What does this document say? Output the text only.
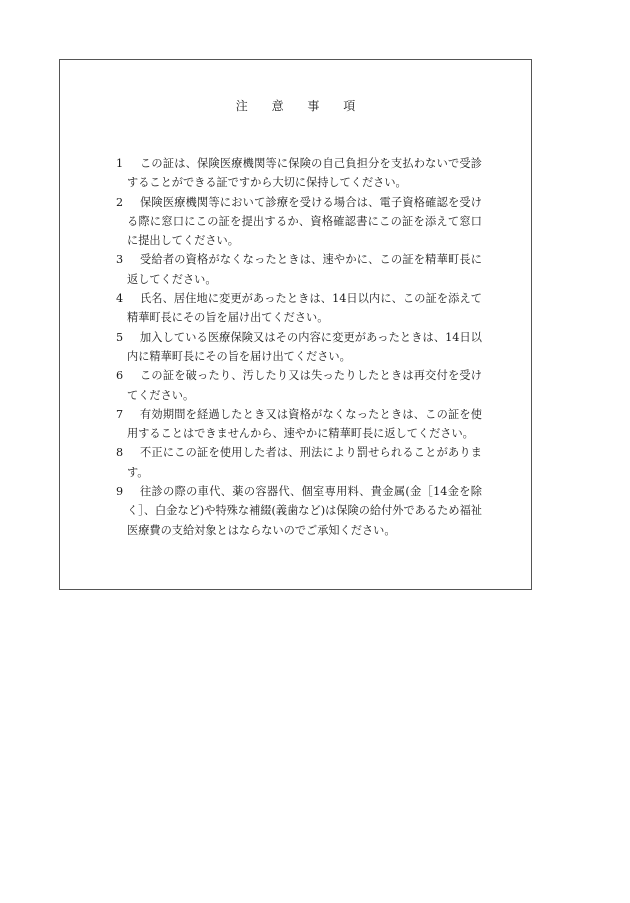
注 意 事 項
1	この証は、保険医療機関等に保険の自己負担分を支払わないで受診することができる証ですから大切に保持してください。
2	保険医療機関等において診療を受ける場合は、電子資格確認を受ける際に窓口にこの証を提出するか、資格確認書にこの証を添えて窓口に提出してください。
3	受給者の資格がなくなったときは、速やかに、この証を精華町長に返してください。
4	氏名、居住地に変更があったときは、14日以内に、この証を添えて精華町長にその旨を届け出てください。
5	加入している医療保険又はその内容に変更があったときは、14日以内に精華町長にその旨を届け出てください。
6	この証を破ったり、汚したり又は失ったりしたときは再交付を受けてください。
7	有効期間を経過したとき又は資格がなくなったときは、この証を使用することはできませんから、速やかに精華町長に返してください。
8	不正にこの証を使用した者は、刑法により罰せられることがあります。
9	往診の際の車代、薬の容器代、個室専用料、貴金属(金［14金を除く］、白金など)や特殊な補綴(義歯など)は保険の給付外であるため福祉医療費の支給対象とはならないのでご承知ください。
